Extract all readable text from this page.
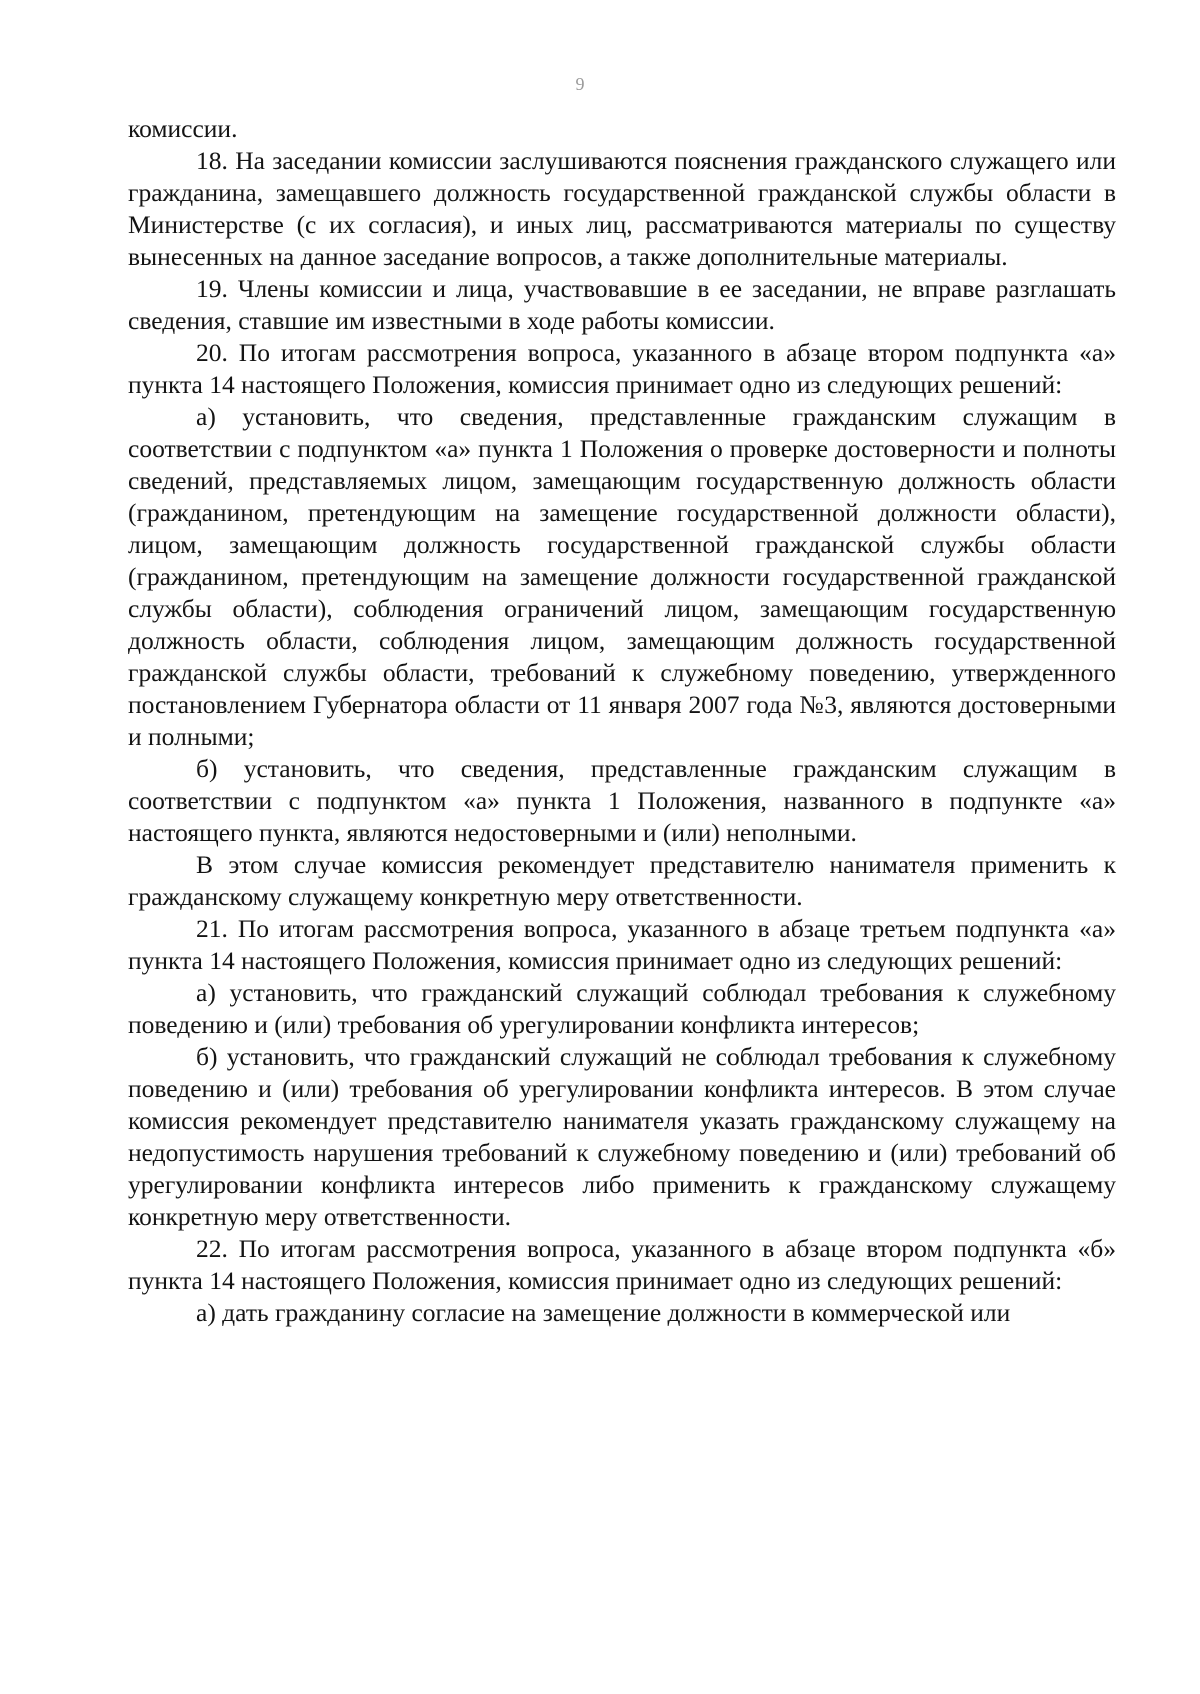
9

комиссии.

18. На заседании комиссии заслушиваются пояснения гражданского служащего или гражданина, замещавшего должность государственной гражданской службы области в Министерстве (с их согласия), и иных лиц, рассматриваются материалы по существу вынесенных на данное заседание вопросов, а также дополнительные материалы.

19. Члены комиссии и лица, участвовавшие в ее заседании, не вправе разглашать сведения, ставшие им известными в ходе работы комиссии.

20. По итогам рассмотрения вопроса, указанного в абзаце втором подпункта «а» пункта 14 настоящего Положения, комиссия принимает одно из следующих решений:

а) установить, что сведения, представленные гражданским служащим в соответствии с подпунктом «а» пункта 1 Положения о проверке достоверности и полноты сведений, представляемых лицом, замещающим государственную должность области (гражданином, претендующим на замещение государственной должности области), лицом, замещающим должность государственной гражданской службы области (гражданином, претендующим на замещение должности государственной гражданской службы области), соблюдения ограничений лицом, замещающим государственную должность области, соблюдения лицом, замещающим должность государственной гражданской службы области, требований к служебному поведению, утвержденного постановлением Губернатора области от 11 января 2007 года №3, являются достоверными и полными;

б) установить, что сведения, представленные гражданским служащим в соответствии с подпунктом «а» пункта 1 Положения, названного в подпункте «а» настоящего пункта, являются недостоверными и (или) неполными.

В этом случае комиссия рекомендует представителю нанимателя применить к гражданскому служащему конкретную меру ответственности.

21. По итогам рассмотрения вопроса, указанного в абзаце третьем подпункта «а» пункта 14 настоящего Положения, комиссия принимает одно из следующих решений:

а) установить, что гражданский служащий соблюдал требования к служебному поведению и (или) требования об урегулировании конфликта интересов;

б) установить, что гражданский служащий не соблюдал требования к служебному поведению и (или) требования об урегулировании конфликта интересов. В этом случае комиссия рекомендует представителю нанимателя указать гражданскому служащему на недопустимость нарушения требований к служебному поведению и (или) требований об урегулировании конфликта интересов либо применить к гражданскому служащему конкретную меру ответственности.

22. По итогам рассмотрения вопроса, указанного в абзаце втором подпункта «б» пункта 14 настоящего Положения, комиссия принимает одно из следующих решений:

а) дать гражданину согласие на замещение должности в коммерческой или
